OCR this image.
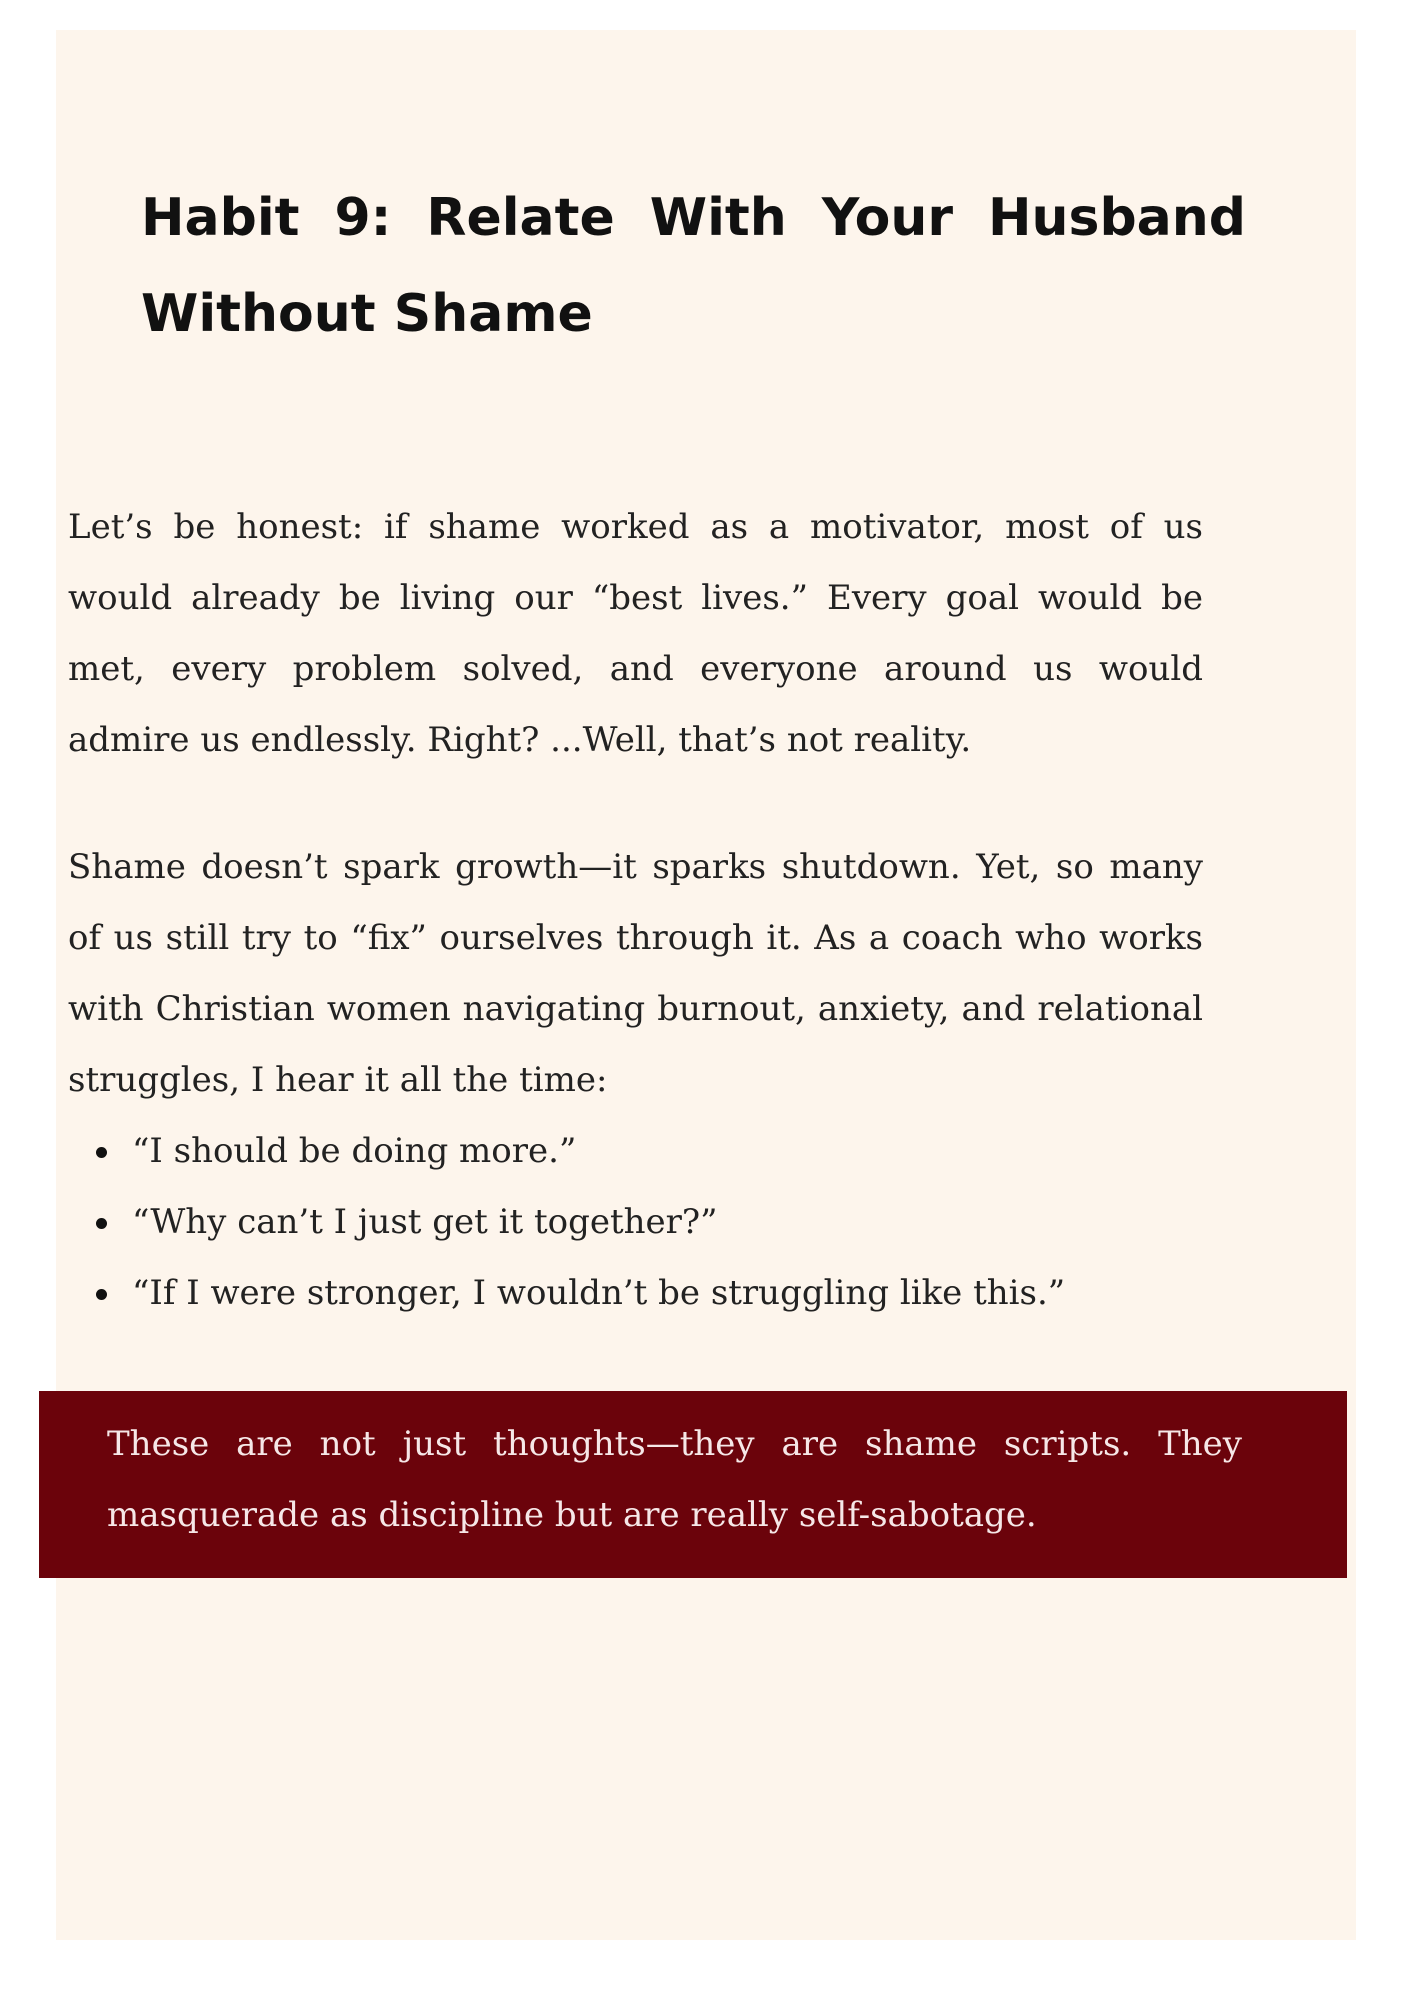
Habit 9: Relate With Your Husband
Without Shame

Let’s be honest: if shame worked as a motivator, most of us would already be living our “best lives.” Every goal would be met, every problem solved, and everyone around us would admire us endlessly. Right? ...Well, that’s not reality.

Shame doesn’t spark growth—it sparks shutdown. Yet, so many of us still try to “fix” ourselves through it. As a coach who works with Christian women navigating burnout, anxiety, and relational struggles, I hear it all the time:

“I should be doing more.”
“Why can’t I just get it together?”
“If I were stronger, I wouldn’t be struggling like this.”

These are not just thoughts—they are shame scripts. They masquerade as discipline but are really self-sabotage.
